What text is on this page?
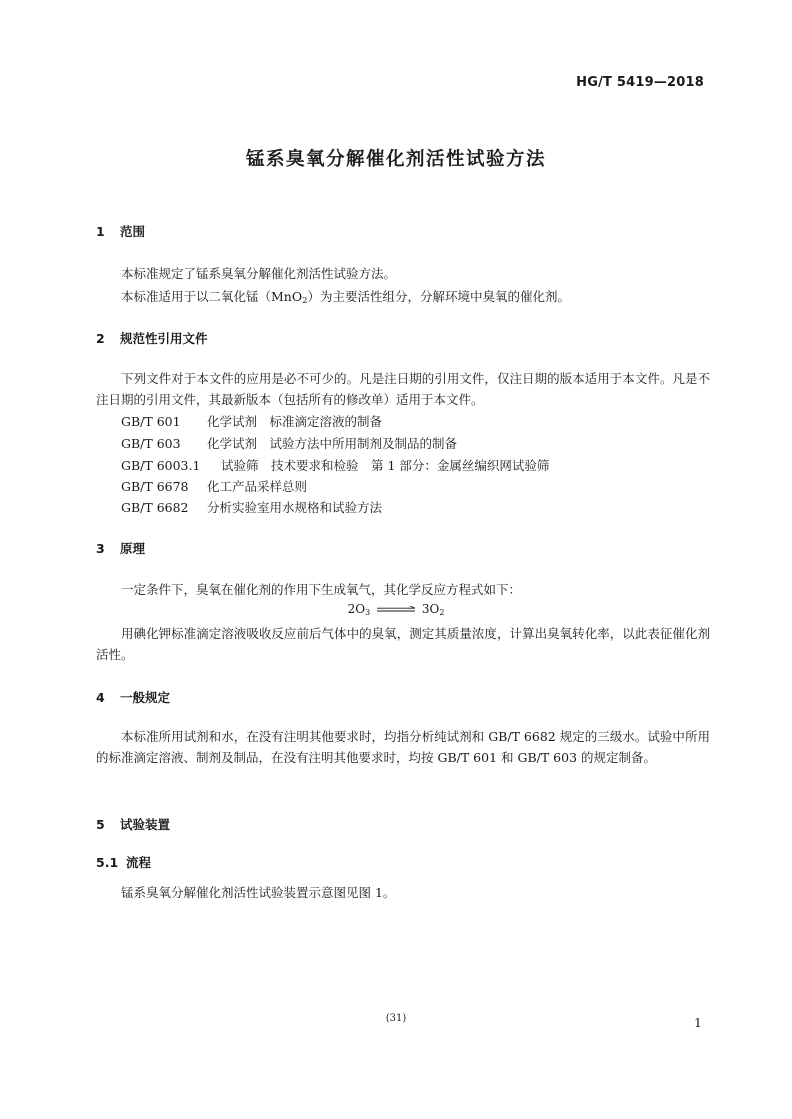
HG/T 5419—2018
锰系臭氧分解催化剂活性试验方法
1 范围
本标准规定了锰系臭氧分解催化剂活性试验方法。
本标准适用于以二氧化锰（MnO$_2$）为主要活性组分，分解环境中臭氧的催化剂。
2 规范性引用文件
下列文件对于本文件的应用是必不可少的。凡是注日期的引用文件，仅注日期的版本适用于本文件。凡是不注日期的引用文件，其最新版本（包括所有的修改单）适用于本文件。
GB/T 601 化学试剂　标准滴定溶液的制备
GB/T 603 化学试剂　试验方法中所用制剂及制品的制备
GB/T 6003.1 试验筛　技术要求和检验　第 1 部分：金属丝编织网试验筛
GB/T 6678 化工产品采样总则
GB/T 6682 分析实验室用水规格和试验方法
3 原理
一定条件下，臭氧在催化剂的作用下生成氧气，其化学反应方程式如下：
$2O_3$	$3O_2$
用碘化钾标准滴定溶液吸收反应前后气体中的臭氧，测定其质量浓度，计算出臭氧转化率，以此表征催化剂活性。
4 一般规定
本标准所用试剂和水，在没有注明其他要求时，均指分析纯试剂和 GB/T 6682 规定的三级水。试验中所用的标准滴定溶液、制剂及制品，在没有注明其他要求时，均按 GB/T 601 和 GB/T 603 的规定制备。
5 试验装置
5.1 流程
锰系臭氧分解催化剂活性试验装置示意图见图 1。
(31)	1
